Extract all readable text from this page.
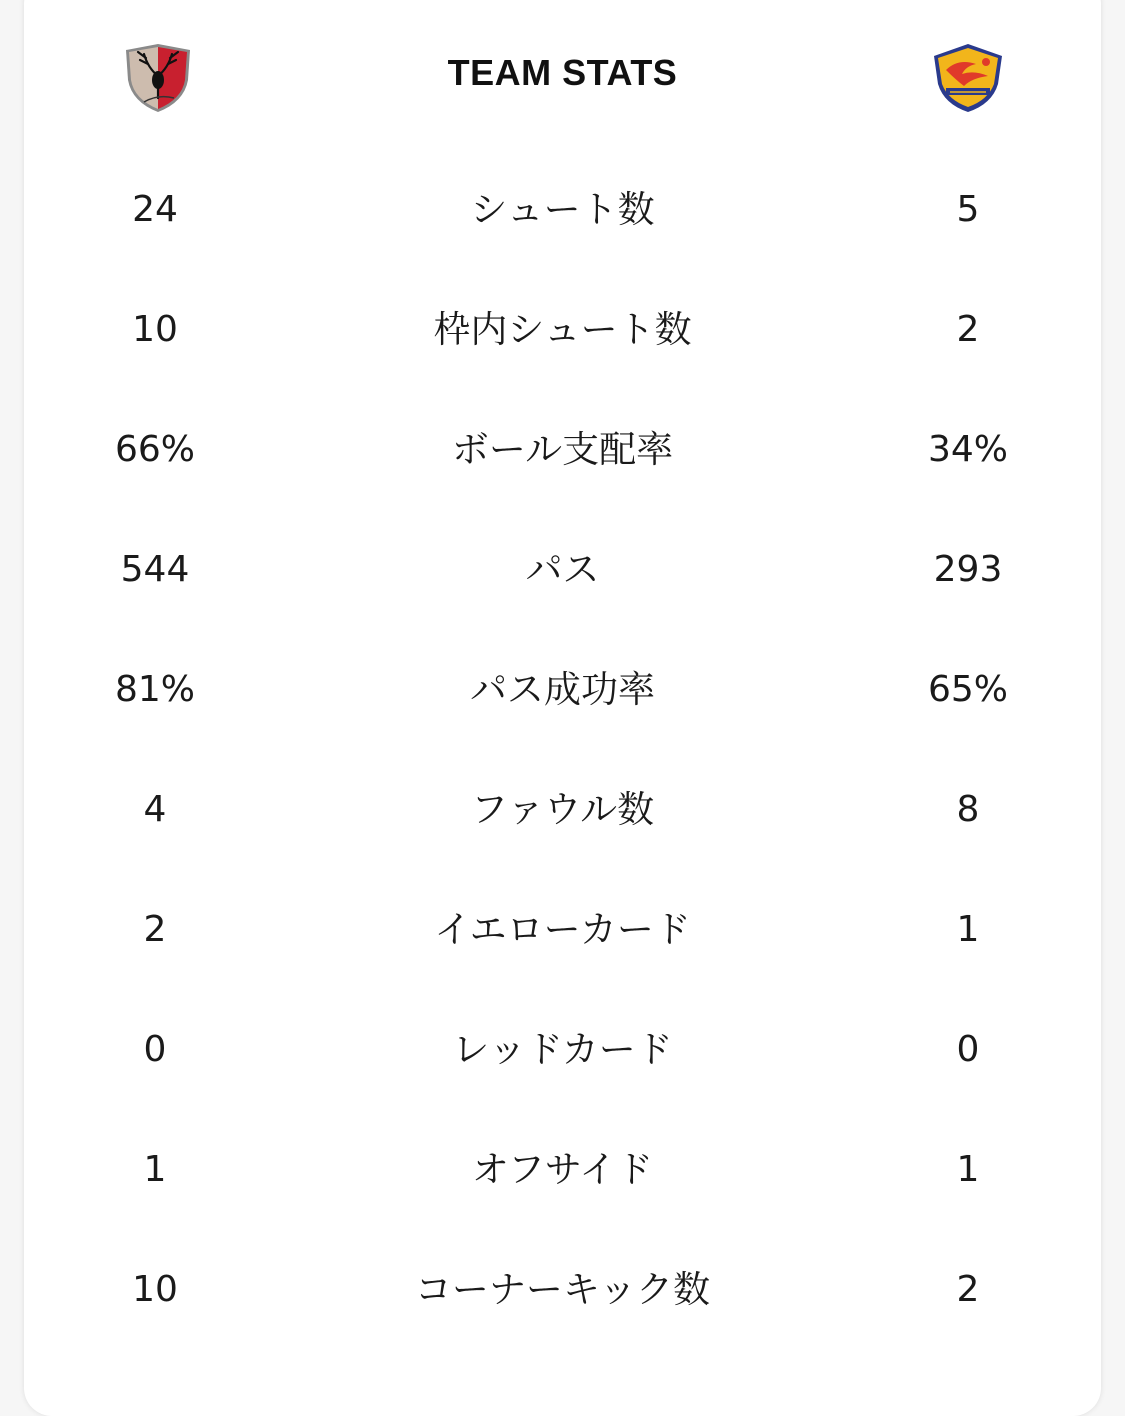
TEAM STATS
24	シュート数	5
10	枠内シュート数	2
66%	ボール支配率	34%
544	パス	293
81%	パス成功率	65%
4	ファウル数	8
2	イエローカード	1
0	レッドカード	0
1	オフサイド	1
10	コーナーキック数	2
